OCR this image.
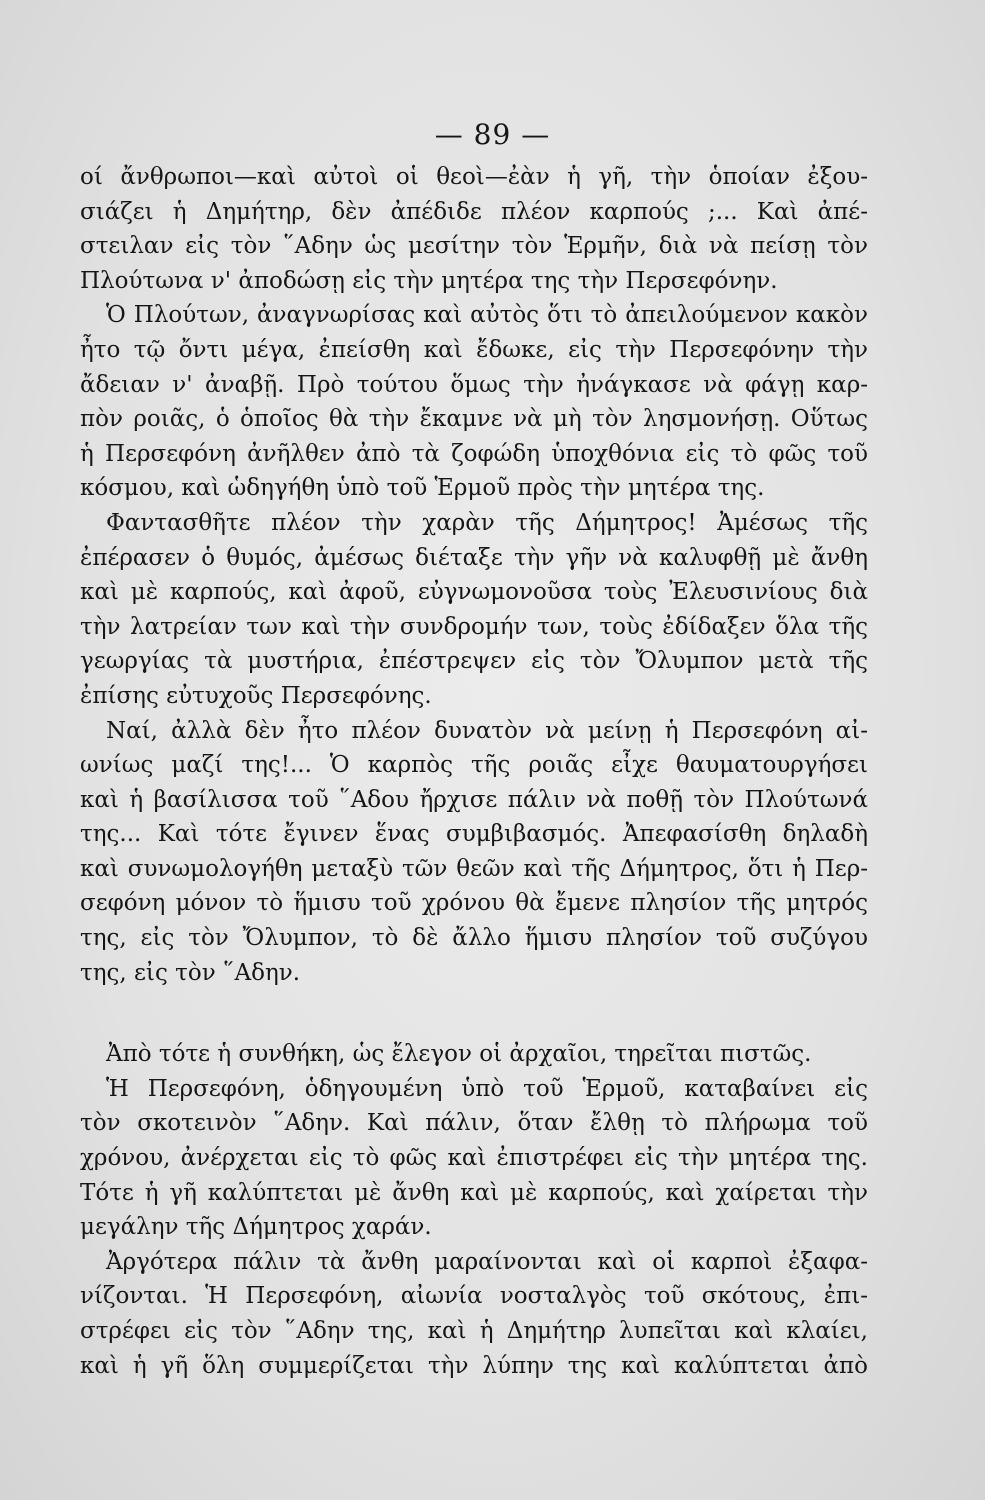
— 89 —
οί ἄνθρωποι—καὶ αὐτοὶ οἱ θεοὶ—ἐὰν ἡ γῆ, τὴν ὁποίαν ἐξου-
σιάζει ἡ Δημήτηρ, δὲν ἀπέδιδε πλέον καρπούς ;... Καὶ ἀπέ-
στειλαν εἰς τὸν ῞Αδην ὡς μεσίτην τὸν Ἑρμῆν, διὰ νὰ πείσῃ τὸν
Πλούτωνα ν' ἀποδώσῃ εἰς τὴν μητέρα της τὴν Περσεφόνην.
Ὁ Πλούτων, ἀναγνωρίσας καὶ αὐτὸς ὅτι τὸ ἀπειλούμενον κακὸν
ἦτο τῷ ὄντι μέγα, ἐπείσθη καὶ ἔδωκε, εἰς τὴν Περσεφόνην τὴν
ἄδειαν ν' ἀναβῇ. Πρὸ τούτου ὅμως τὴν ἠνάγκασε νὰ φάγῃ καρ-
πὸν ροιᾶς, ὁ ὁποῖος θὰ τὴν ἔκαμνε νὰ μὴ τὸν λησμονήσῃ. Οὕτως
ἡ Περσεφόνη ἀνῆλθεν ἀπὸ τὰ ζοφώδη ὑποχθόνια εἰς τὸ φῶς τοῦ
κόσμου, καὶ ὡδηγήθη ὑπὸ τοῦ Ἑρμοῦ πρὸς τὴν μητέρα της.
Φαντασθῆτε πλέον τὴν χαρὰν τῆς Δήμητρος! Ἀμέσως τῆς
ἐπέρασεν ὁ θυμός, ἀμέσως διέταξε τὴν γῆν νὰ καλυφθῇ μὲ ἄνθη
καὶ μὲ καρπούς, καὶ ἀφοῦ, εὐγνωμονοῦσα τοὺς Ἐλευσινίους διὰ
τὴν λατρείαν των καὶ τὴν συνδρομήν των, τοὺς ἐδίδαξεν ὅλα τῆς
γεωργίας τὰ μυστήρια, ἐπέστρεψεν εἰς τὸν Ὄλυμπον μετὰ τῆς
ἐπίσης εὐτυχοῦς Περσεφόνης.
Ναί, ἀλλὰ δὲν ἦτο πλέον δυνατὸν νὰ μείνῃ ἡ Περσεφόνη αἰ-
ωνίως μαζί της!... Ὁ καρπὸς τῆς ροιᾶς εἶχε θαυματουργήσει
καὶ ἡ βασίλισσα τοῦ ῞Αδου ἤρχισε πάλιν νὰ ποθῇ τὸν Πλούτωνά
της... Καὶ τότε ἔγινεν ἕνας συμβιβασμός. Ἀπεφασίσθη δηλαδὴ
καὶ συνωμολογήθη μεταξὺ τῶν θεῶν καὶ τῆς Δήμητρος, ὅτι ἡ Περ-
σεφόνη μόνον τὸ ἥμισυ τοῦ χρόνου θὰ ἔμενε πλησίον τῆς μητρός
της, εἰς τὸν Ὄλυμπον, τὸ δὲ ἄλλο ἥμισυ πλησίον τοῦ συζύγου
της, εἰς τὸν ῞Αδην.
Ἀπὸ τότε ἡ συνθήκη, ὡς ἔλεγον οἱ ἀρχαῖοι, τηρεῖται πιστῶς.
Ἡ Περσεφόνη, ὁδηγουμένη ὑπὸ τοῦ Ἑρμοῦ, καταβαίνει εἰς
τὸν σκοτεινὸν ῞Αδην. Καὶ πάλιν, ὅταν ἔλθῃ τὸ πλήρωμα τοῦ
χρόνου, ἀνέρχεται εἰς τὸ φῶς καὶ ἐπιστρέφει εἰς τὴν μητέρα της.
Τότε ἡ γῆ καλύπτεται μὲ ἄνθη καὶ μὲ καρπούς, καὶ χαίρεται τὴν
μεγάλην τῆς Δήμητρος χαράν.
Ἀργότερα πάλιν τὰ ἄνθη μαραίνονται καὶ οἱ καρποὶ ἐξαφα-
νίζονται. Ἡ Περσεφόνη, αἰωνία νοσταλγὸς τοῦ σκότους, ἐπι-
στρέφει εἰς τὸν ῞Αδην της, καὶ ἡ Δημήτηρ λυπεῖται καὶ κλαίει,
καὶ ἡ γῆ ὅλη συμμερίζεται τὴν λύπην της καὶ καλύπτεται ἀπὸ
